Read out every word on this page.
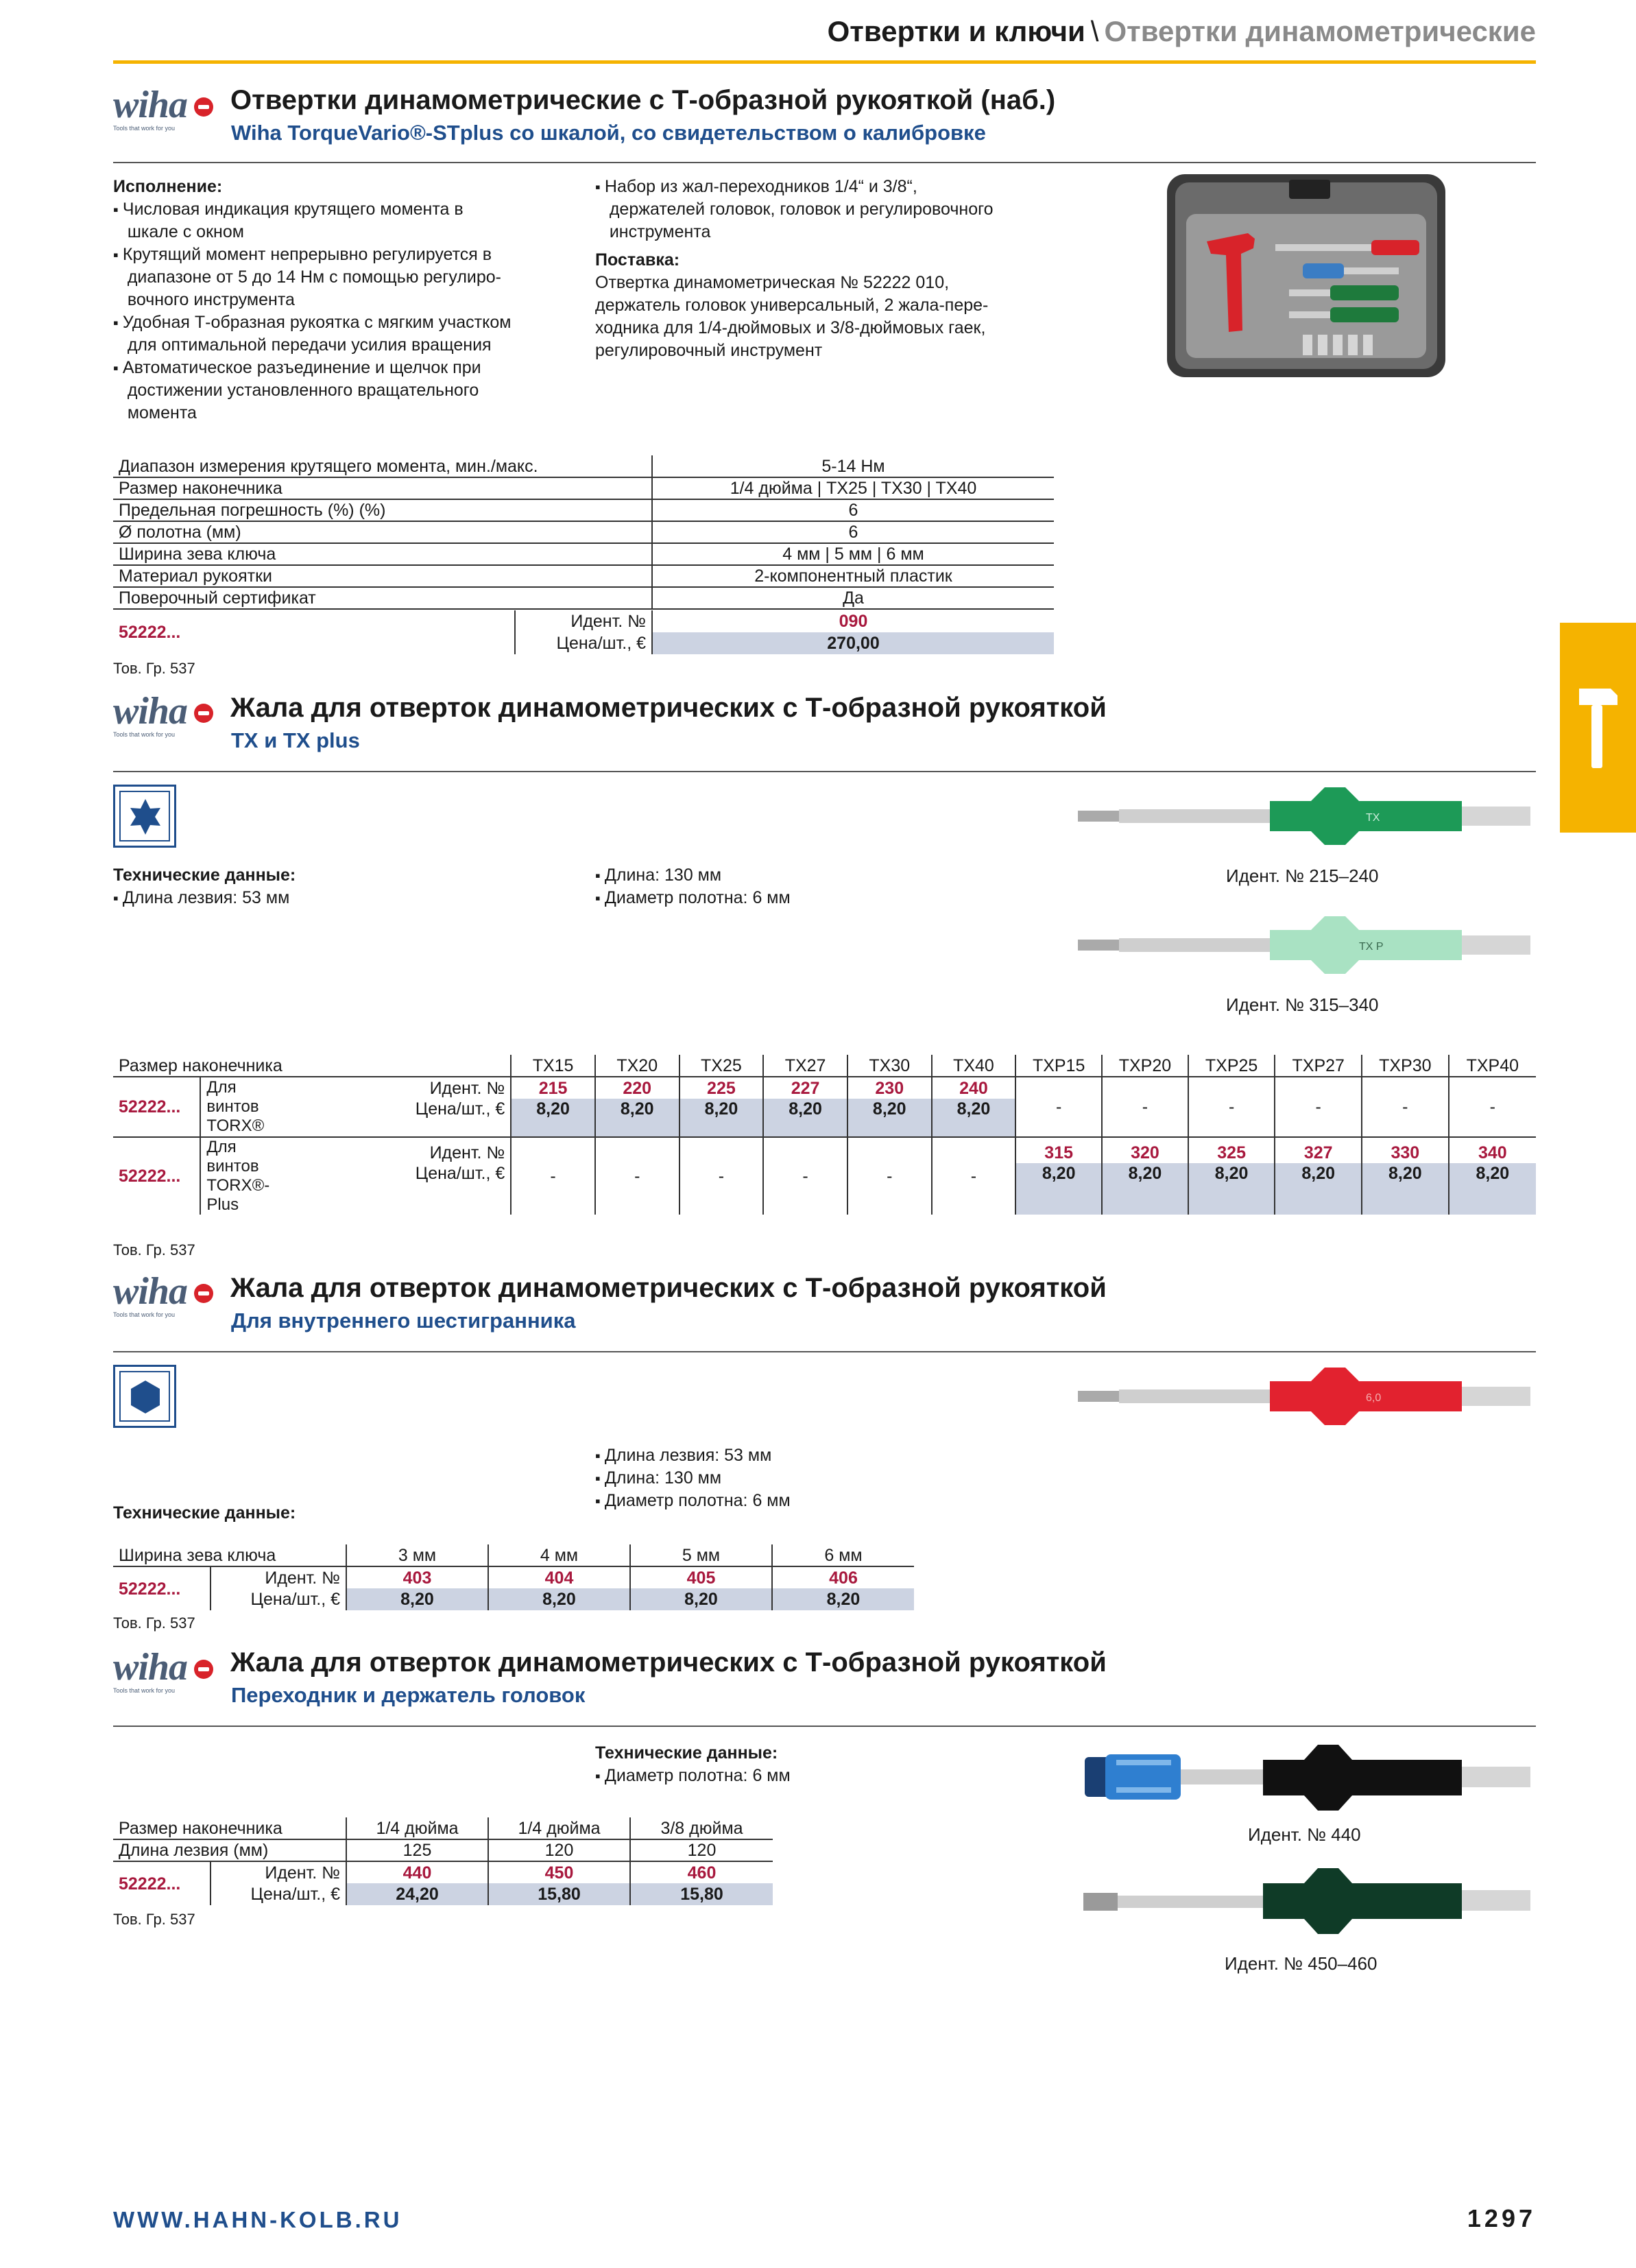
Отвертки и ключи \ Отвертки динамометрические
wiha
Tools that work for you
Отвертки динамометрические с Т-образной рукояткой (наб.)
Wiha TorqueVario®-STplus со шкалой, со свидетельством о калибровке
Исполнение:
▪ Числовая индикация крутящего момента в
шкале с окном
▪ Крутящий момент непрерывно регулируется в
диапазоне от 5 до 14 Нм с помощью регулиро-
вочного инструмента
▪ Удобная Т-образная рукоятка с мягким участком
для оптимальной передачи усилия вращения
▪ Автоматическое разъединение и щелчок при
достижении установленного вращательного
момента
▪ Набор из жал-переходников 1/4“ и 3/8“,
держателей головок, головок и регулировочного
инструмента

Поставка:
Отвертка динамометрическая № 52222 010,
держатель головок универсальный, 2 жала-пере-
ходника для 1/4-дюймовых и 3/8-дюймовых гаек,
регулировочный инструмент
Диапазон измерения крутящего момента, мин./макс.	5-14 Нм
Размер наконечника	1/4 дюйма | TX25 | TX30 | TX40
Предельная погрешность (%) (%)	6
Ø полотна (мм)	6
Ширина зева ключа	4 мм | 5 мм | 6 мм
Материал рукоятки	2-компонентный пластик
Поверочный сертификат	Да
52222...	Идент. №	090
	Цена/шт., €	270,00
Тов. Гр. 537
wiha
Tools that work for you
Жала для отверток динамометрических с Т-образной рукояткой
TX и TX plus
Технические данные:
▪ Длина лезвия: 53 мм
▪ Длина: 130 мм
▪ Диаметр полотна: 6 мм
TX
Идент. № 215–240
TX P
Идент. № 315–340
Размер наконечника			TX15	TX20	TX25	TX27	TX30	TX40	TXP15	TXP20	TXP25	TXP27	TXP30	TXP40
52222...	Для
винтов
TORX®	Идент. №	215	220	225	227	230	240	-	-	-	-	-	-
		Цена/шт., €	8,20	8,20	8,20	8,20	8,20	8,20						
52222...	Для
винтов
TORX®-
Plus	Идент. №	-	-	-	-	-	-	315	320	325	327	330	340
		Цена/шт., €							8,20	8,20	8,20	8,20	8,20	8,20
Тов. Гр. 537
wiha
Tools that work for you
Жала для отверток динамометрических с Т-образной рукояткой
Для внутреннего шестигранника
6,0
▪ Длина лезвия: 53 мм
▪ Длина: 130 мм
▪ Диаметр полотна: 6 мм
Технические данные:
Ширина зева ключа		3 мм	4 мм	5 мм	6 мм
52222...	Идент. №	403	404	405	406
	Цена/шт., €	8,20	8,20	8,20	8,20
Тов. Гр. 537
wiha
Tools that work for you
Жала для отверток динамометрических с Т-образной рукояткой
Переходник и держатель головок
Технические данные:
▪ Диаметр полотна: 6 мм
Идент. № 440
Идент. № 450–460
Размер наконечника		1/4 дюйма	1/4 дюйма	3/8 дюйма
Длина лезвия (мм)		125	120	120
52222...	Идент. №	440	450	460
	Цена/шт., €	24,20	15,80	15,80
Тов. Гр. 537
WWW.HAHN-KOLB.RU	1297
